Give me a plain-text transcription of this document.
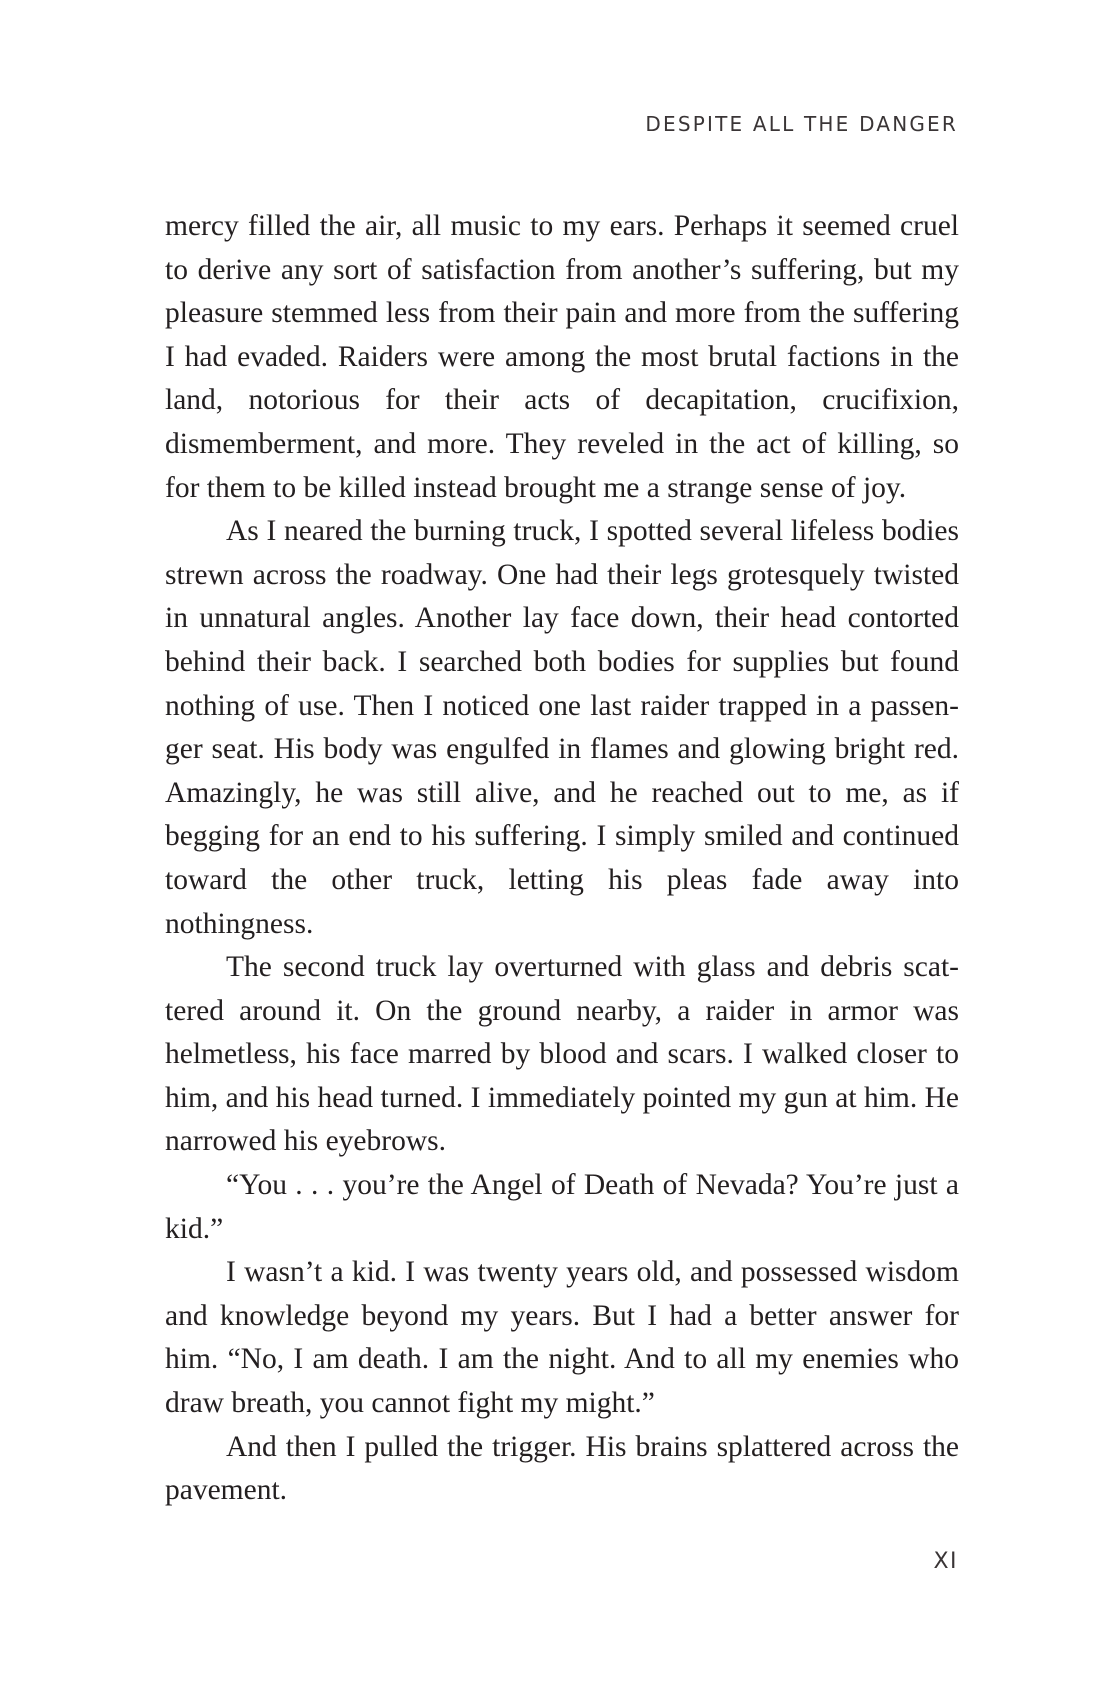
DESPITE ALL THE DANGER

mercy filled the air, all music to my ears. Perhaps it seemed cruel to derive any sort of satisfaction from another’s suffering, but my pleasure stemmed less from their pain and more from the suffering I had evaded. Raiders were among the most brutal factions in the land, notorious for their acts of decapitation, crucifixion, dismemberment, and more. They reveled in the act of killing, so for them to be killed instead brought me a strange sense of joy.

As I neared the burning truck, I spotted several lifeless bodies strewn across the roadway. One had their legs grotesquely twisted in unnatural angles. Another lay face down, their head contorted behind their back. I searched both bodies for supplies but found nothing of use. Then I noticed one last raider trapped in a passenger seat. His body was engulfed in flames and glowing bright red. Amazingly, he was still alive, and he reached out to me, as if begging for an end to his suffering. I simply smiled and continued toward the other truck, letting his pleas fade away into nothingness.

The second truck lay overturned with glass and debris scattered around it. On the ground nearby, a raider in armor was helmetless, his face marred by blood and scars. I walked closer to him, and his head turned. I immediately pointed my gun at him. He narrowed his eyebrows.

“You . . . you’re the Angel of Death of Nevada? You’re just a kid.”

I wasn’t a kid. I was twenty years old, and possessed wisdom and knowledge beyond my years. But I had a better answer for him. “No, I am death. I am the night. And to all my enemies who draw breath, you cannot fight my might.”

And then I pulled the trigger. His brains splattered across the pavement.

XI
